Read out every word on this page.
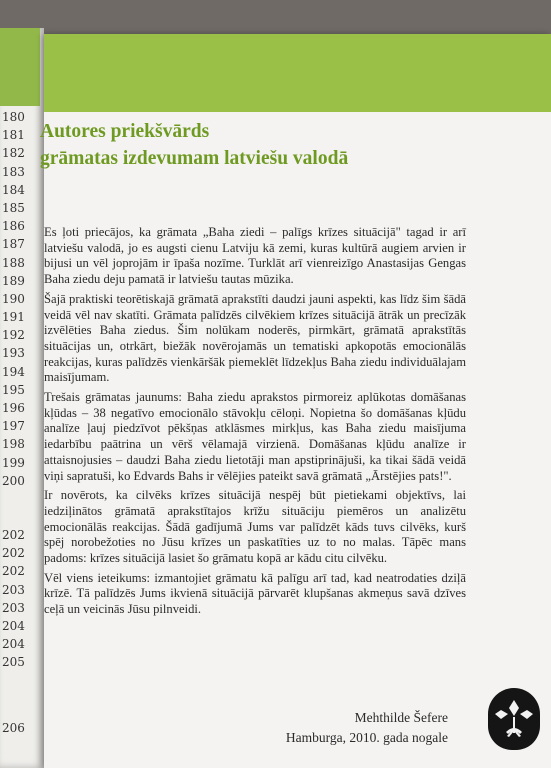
180
181
182
183
184
185
186
187
188
189
190
191
192
193
194
195
196
197
198
199
200
202
202
202
203
203
204
204
205
206
Autores priekšvārds
grāmatas izdevumam latviešu valodā

Es ļoti priecājos, ka grāmata „Baha ziedi – palīgs krīzes situācijā" tagad ir arī latviešu valodā, jo es augsti cienu Latviju kā zemi, kuras kultūrā augiem arvien ir bijusi un vēl joprojām ir īpaša nozīme. Turklāt arī vienreizīgo Anastasijas Gengas Baha ziedu deju pamatā ir latviešu tautas mūzika.

Šajā praktiski teorētiskajā grāmatā aprakstīti daudzi jauni aspekti, kas līdz šim šādā veidā vēl nav skatīti. Grāmata palīdzēs cilvēkiem krīzes situācijā ātrāk un precīzāk izvēlēties Baha ziedus. Šim nolūkam noderēs, pirmkārt, grāmatā aprakstītās situācijas un, otrkārt, biežāk novērojamās un tematiski apkopotās emocionālās reakcijas, kuras palīdzēs vienkāršāk piemeklēt līdzekļus Baha ziedu individuālajam maisījumam.

Trešais grāmatas jaunums: Baha ziedu aprakstos pirmoreiz aplūkotas domāšanas kļūdas – 38 negatīvo emocionālo stāvokļu cēloņi. Nopietna šo domāšanas kļūdu analīze ļauj piedzīvot pēkšņas atklāsmes mirkļus, kas Baha ziedu maisījuma iedarbību paātrina un vērš vēlamajā virzienā. Domāšanas kļūdu analīze ir attaisnojusies – daudzi Baha ziedu lietotāji man apstiprinājuši, ka tikai šādā veidā viņi sapratuši, ko Edvards Bahs ir vēlējies pateikt savā grāmatā „Ārstējies pats!".

Ir novērots, ka cilvēks krīzes situācijā nespēj būt pietiekami objektīvs, lai iedziļinātos grāmatā aprakstītajos krīžu situāciju piemēros un analizētu emocionālās reakcijas. Šādā gadījumā Jums var palīdzēt kāds tuvs cilvēks, kurš spēj norobežoties no Jūsu krīzes un paskatīties uz to no malas. Tāpēc mans padoms: krīzes situācijā lasiet šo grāmatu kopā ar kādu citu cilvēku.

Vēl viens ieteikums: izmantojiet grāmatu kā palīgu arī tad, kad neatrodaties dziļā krīzē. Tā palīdzēs Jums ikvienā situācijā pārvarēt klupšanas akmeņus savā dzīves ceļā un veicinās Jūsu pilnveidi.

Mehthilde Šefere
Hamburga, 2010. gada nogale
